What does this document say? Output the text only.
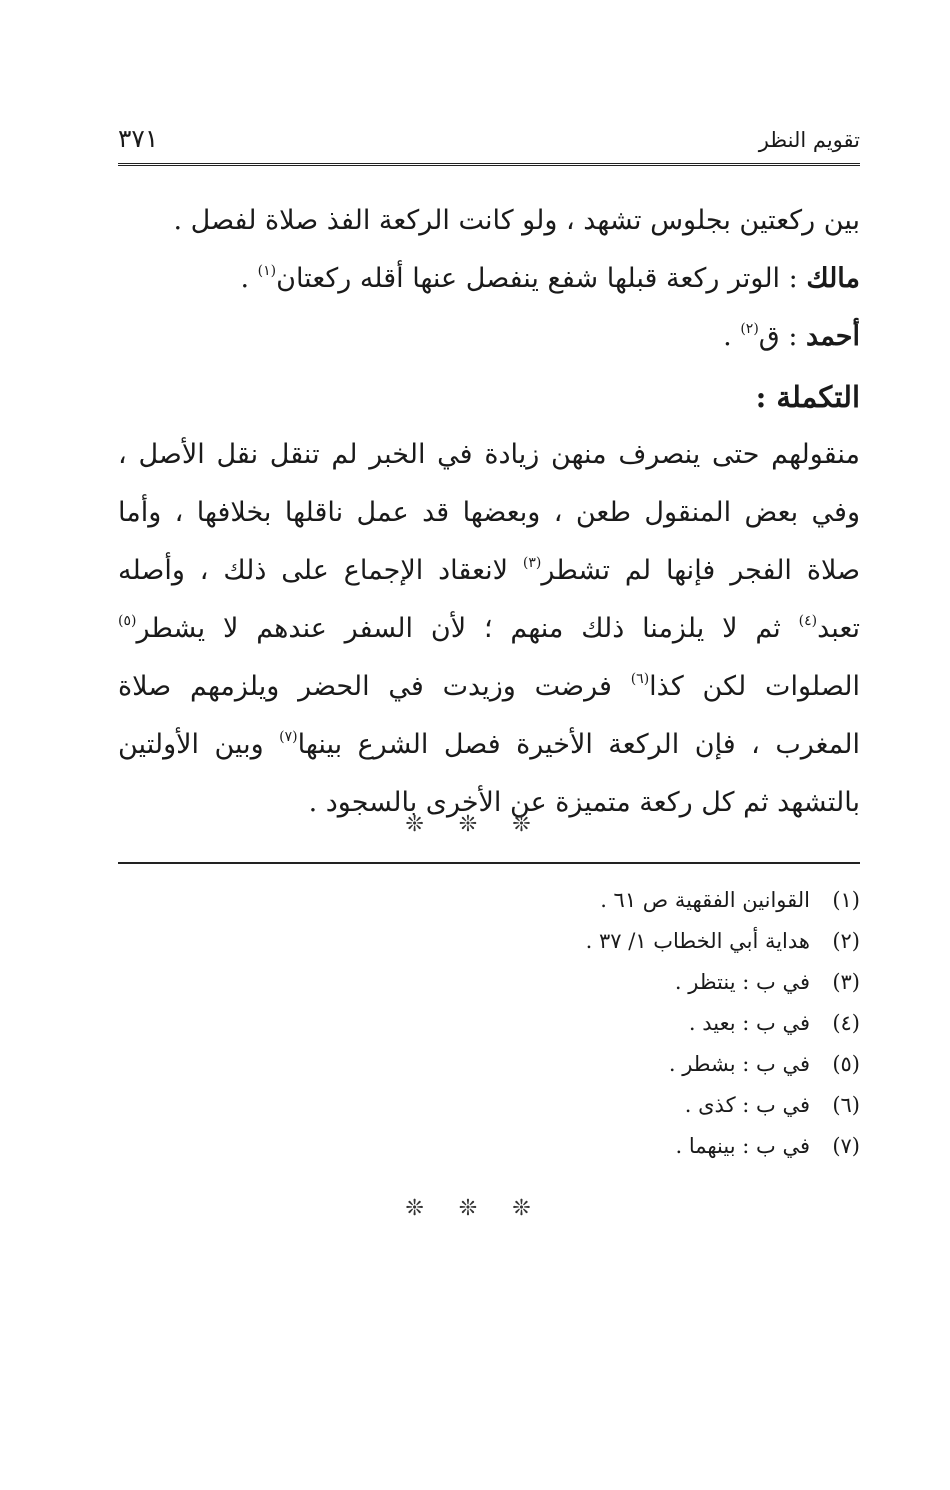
تقويم النظر
٣٧١
بين ركعتين بجلوس تشهد ، ولو كانت الركعة الفذ صلاة لفصل .
مالك : الوتر ركعة قبلها شفع ينفصل عنها أقله ركعتان$^{(١)}$ .
أحمد : ق$^{(٢)}$ .
التكملة :

منقولهم حتى ينصرف منهن زيادة في الخبر لم تنقل نقل الأصل ، وفي بعض المنقول طعن ، وبعضها قد عمل ناقلها بخلافها ، وأما صلاة الفجر فإنها لم تشطر$^{(٣)}$ لانعقاد الإجماع على ذلك ، وأصله تعبد$^{(٤)}$ ثم لا يلزمنا ذلك منهم ؛ لأن السفر عندهم لا يشطر$^{(٥)}$ الصلوات لكن كذا$^{(٦)}$ فرضت وزيدت في الحضر ويلزمهم صلاة المغرب ، فإن الركعة الأخيرة فصل الشرع بينها$^{(٧)}$ وبين الأولتين بالتشهد ثم كل ركعة متميزة عن الأخرى بالسجود .

❊ ❊ ❊
(١)القوانين الفقهية ص ٦١ .
(٢)هداية أبي الخطاب ١/ ٣٧ .
(٣)في ب : ينتظر .
(٤)في ب : بعيد .
(٥)في ب : بشطر .
(٦)في ب : كذى .
(٧)في ب : بينهما .
❊ ❊ ❊
